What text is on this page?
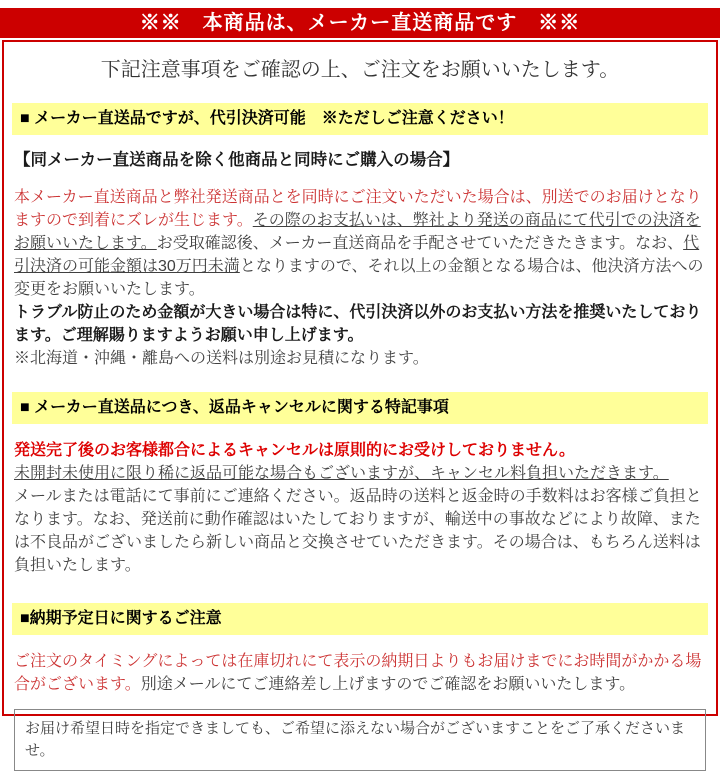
※※　本商品は、メーカー直送商品です　※※
下記注意事項をご確認の上、ご注文をお願いいたします。
■ メーカー直送品ですが、代引決済可能　※ただしご注意ください！
【同メーカー直送商品を除く他商品と同時にご購入の場合】

本メーカー直送商品と弊社発送商品とを同時にご注文いただいた場合は、別送でのお届けとなりますので到着にズレが生じます。その際のお支払いは、弊社より発送の商品にて代引での決済をお願いいたします。お受取確認後、メーカー直送商品を手配させていただきたきます。なお、代引決済の可能金額は30万円未満となりますので、それ以上の金額となる場合は、他決済方法への変更をお願いいたします。

トラブル防止のため金額が大きい場合は特に、代引決済以外のお支払い方法を推奨いたしております。ご理解賜りますようお願い申し上げます。

※北海道・沖縄・離島への送料は別途お見積になります。

■ メーカー直送品につき、返品キャンセルに関する特記事項

発送完了後のお客様都合によるキャンセルは原則的にお受けしておりません。
未開封未使用に限り稀に返品可能な場合もございますが、キャンセル料負担いただきます。
メールまたは電話にて事前にご連絡ください。返品時の送料と返金時の手数料はお客様ご負担となります。なお、発送前に動作確認はいたしておりますが、輸送中の事故などにより故障、または不良品がございましたら新しい商品と交換させていただきます。その場合は、もちろん送料は負担いたします。

■納期予定日に関するご注意

ご注文のタイミングによっては在庫切れにて表示の納期日よりもお届けまでにお時間がかかる場合がございます。別途メールにてご連絡差し上げますのでご確認をお願いいたします。

お届け希望日時を指定できましても、ご希望に添えない場合がございますことをご了承くださいませ。
